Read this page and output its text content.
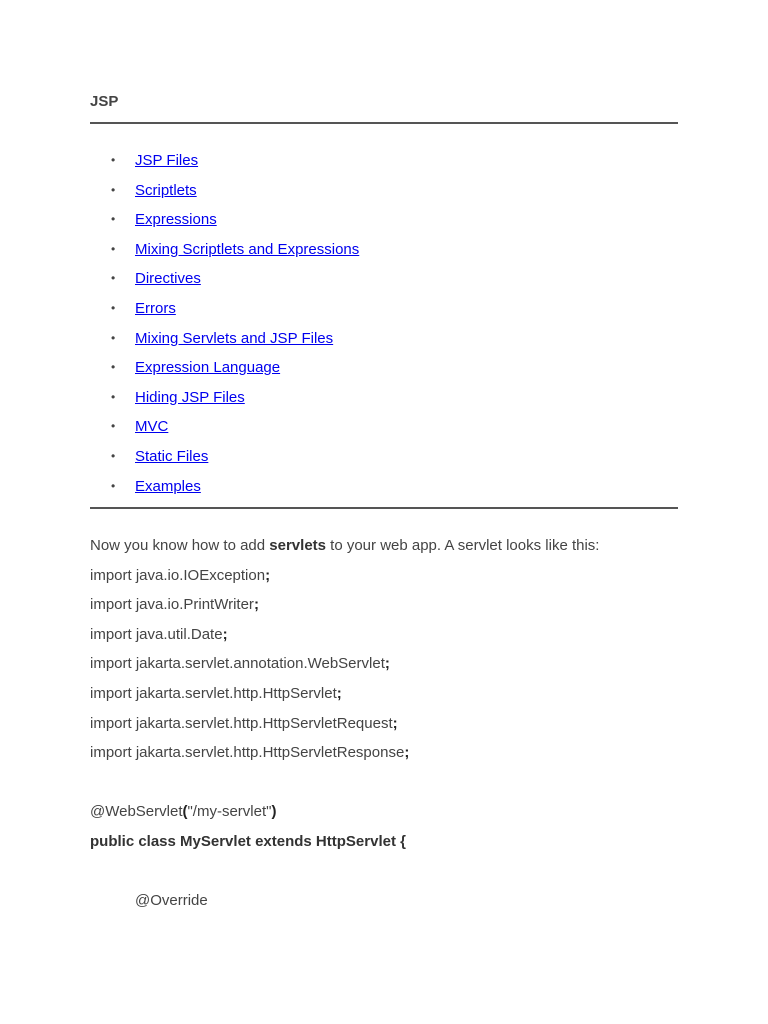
JSP
• JSP Files
• Scriptlets
• Expressions
• Mixing Scriptlets and Expressions
• Directives
• Errors
• Mixing Servlets and JSP Files
• Expression Language
• Hiding JSP Files
• MVC
• Static Files
• Examples
Now you know how to add servlets to your web app. A servlet looks like this:
import java.io.IOException;
import java.io.PrintWriter;
import java.util.Date;
import jakarta.servlet.annotation.WebServlet;
import jakarta.servlet.http.HttpServlet;
import jakarta.servlet.http.HttpServletRequest;
import jakarta.servlet.http.HttpServletResponse;
@WebServlet("/my-servlet")
public class MyServlet extends HttpServlet {
@Override
